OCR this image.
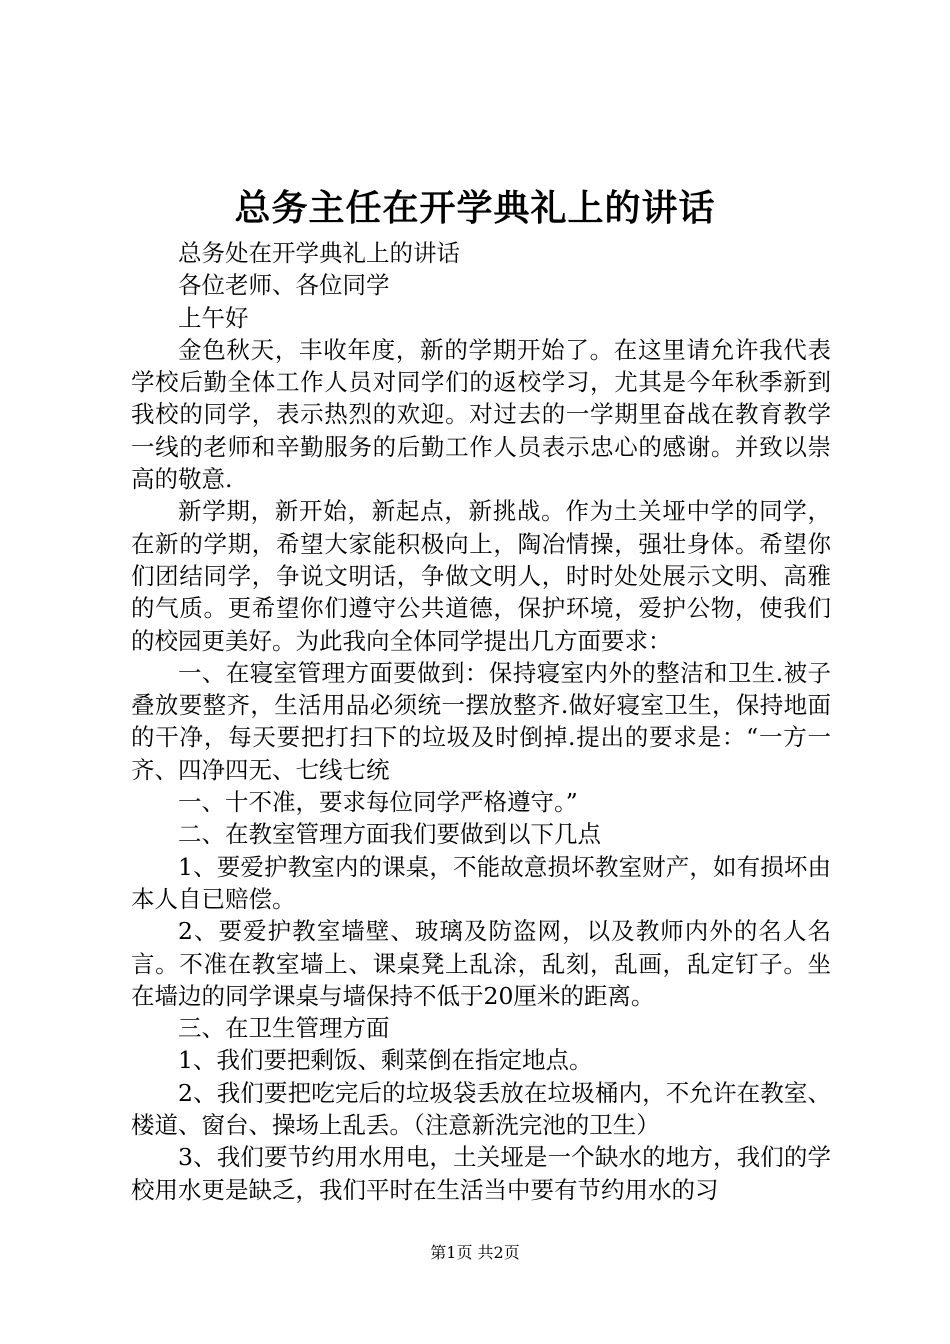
总务主任在开学典礼上的讲话

总务处在开学典礼上的讲话

各位老师、各位同学

上午好

金色秋天，丰收年度，新的学期开始了。在这里请允许我代表学校后勤全体工作人员对同学们的返校学习，尤其是今年秋季新到我校的同学，表示热烈的欢迎。对过去的一学期里奋战在教育教学一线的老师和辛勤服务的后勤工作人员表示忠心的感谢。并致以崇高的敬意.

新学期，新开始，新起点，新挑战。作为土关垭中学的同学，在新的学期，希望大家能积极向上，陶冶情操，强壮身体。希望你们团结同学，争说文明话，争做文明人，时时处处展示文明、高雅的气质。更希望你们遵守公共道德，保护环境，爱护公物，使我们的校园更美好。为此我向全体同学提出几方面要求：

一、在寝室管理方面要做到：保持寝室内外的整洁和卫生.被子叠放要整齐，生活用品必须统一摆放整齐.做好寝室卫生，保持地面的干净，每天要把打扫下的垃圾及时倒掉.提出的要求是：“一方一齐、四净四无、七线七统

一、十不准，要求每位同学严格遵守。”

二、在教室管理方面我们要做到以下几点

1、要爱护教室内的课桌，不能故意损坏教室财产，如有损坏由本人自已赔偿。

2、要爱护教室墙壁、玻璃及防盗网，以及教师内外的名人名言。不准在教室墙上、课桌凳上乱涂，乱刻，乱画，乱定钉子。坐在墙边的同学课桌与墙保持不低于20厘米的距离。

三、在卫生管理方面

1、我们要把剩饭、剩菜倒在指定地点。

2、我们要把吃完后的垃圾袋丢放在垃圾桶内，不允许在教室、楼道、窗台、操场上乱丢。（注意新洗完池的卫生）

3、我们要节约用水用电，土关垭是一个缺水的地方，我们的学校用水更是缺乏，我们平时在生活当中要有节约用水的习

第1页 共2页
